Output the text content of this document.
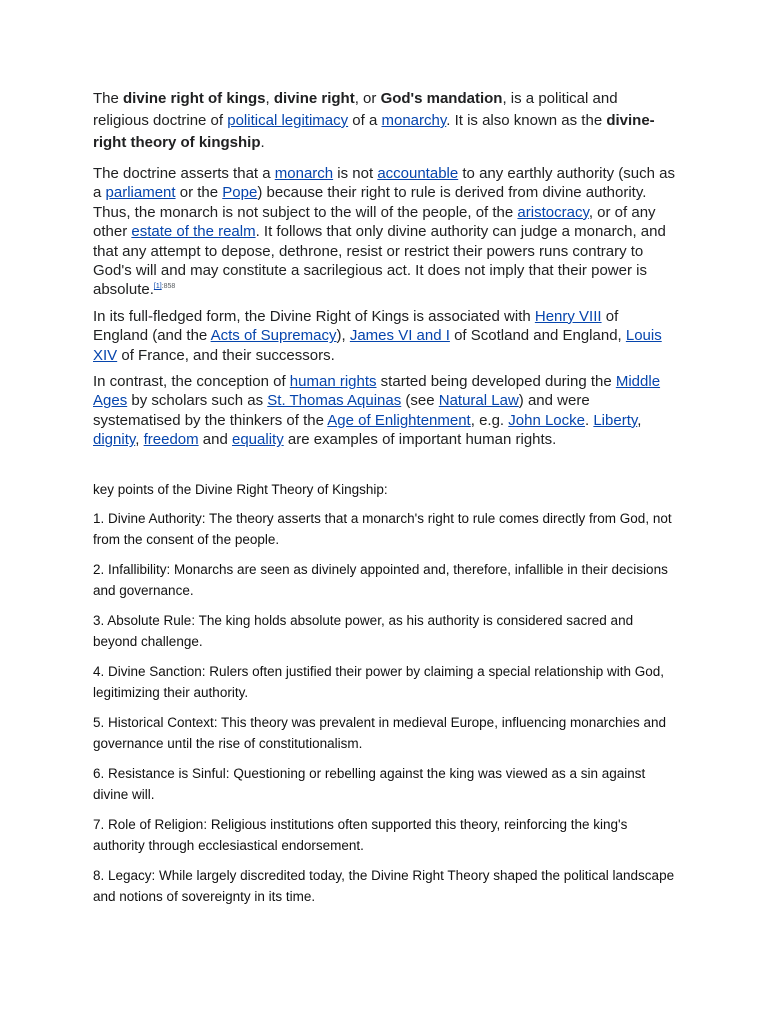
The divine right of kings, divine right, or God's mandation, is a political and religious doctrine of political legitimacy of a monarchy. It is also known as the divine-right theory of kingship.

The doctrine asserts that a monarch is not accountable to any earthly authority (such as a parliament or the Pope) because their right to rule is derived from divine authority. Thus, the monarch is not subject to the will of the people, of the aristocracy, or of any other estate of the realm. It follows that only divine authority can judge a monarch, and that any attempt to depose, dethrone, resist or restrict their powers runs contrary to God's will and may constitute a sacrilegious act. It does not imply that their power is absolute.$^{[1]:858}$

In its full-fledged form, the Divine Right of Kings is associated with Henry VIII of England (and the Acts of Supremacy), James VI and I of Scotland and England, Louis XIV of France, and their successors.

In contrast, the conception of human rights started being developed during the Middle Ages by scholars such as St. Thomas Aquinas (see Natural Law) and were systematised by the thinkers of the Age of Enlightenment, e.g. John Locke. Liberty, dignity, freedom and equality are examples of important human rights.

key points of the Divine Right Theory of Kingship:

1. Divine Authority: The theory asserts that a monarch's right to rule comes directly from God, not from the consent of the people.

2. Infallibility: Monarchs are seen as divinely appointed and, therefore, infallible in their decisions and governance.

3. Absolute Rule: The king holds absolute power, as his authority is considered sacred and beyond challenge.

4. Divine Sanction: Rulers often justified their power by claiming a special relationship with God, legitimizing their authority.

5. Historical Context: This theory was prevalent in medieval Europe, influencing monarchies and governance until the rise of constitutionalism.

6. Resistance is Sinful: Questioning or rebelling against the king was viewed as a sin against divine will.

7. Role of Religion: Religious institutions often supported this theory, reinforcing the king's authority through ecclesiastical endorsement.

8. Legacy: While largely discredited today, the Divine Right Theory shaped the political landscape and notions of sovereignty in its time.
